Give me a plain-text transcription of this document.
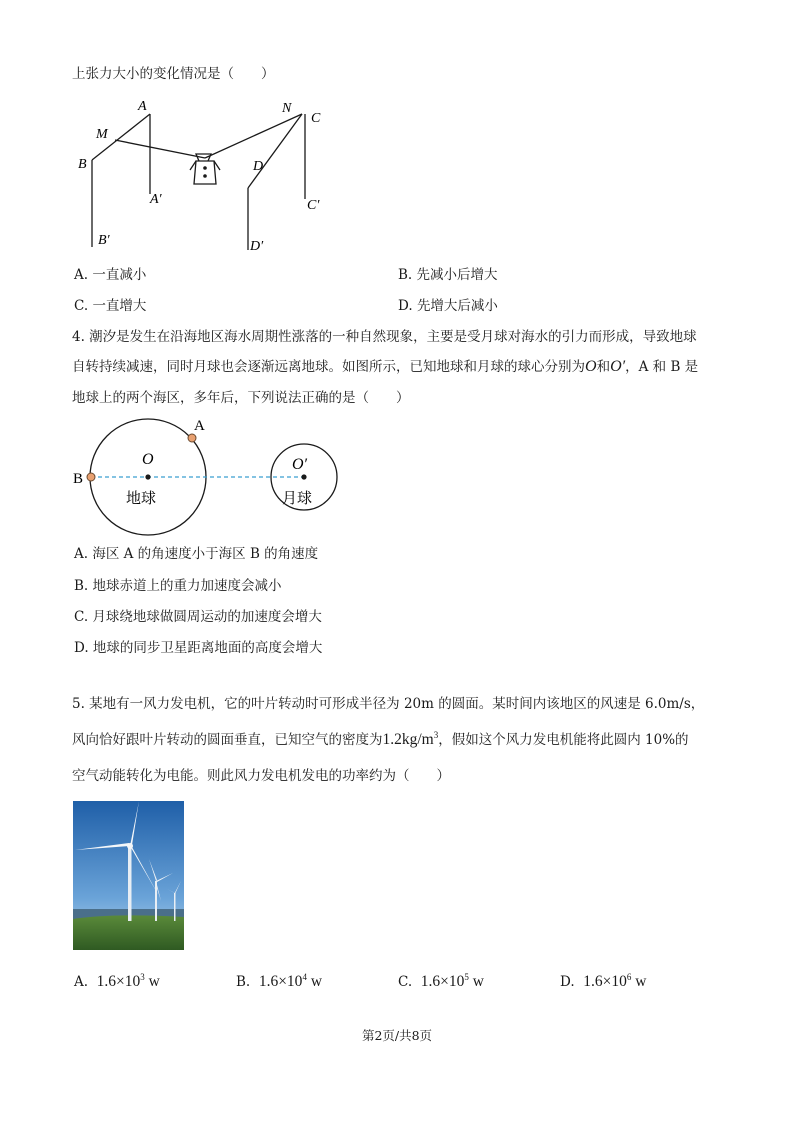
上张力大小的变化情况是（　　）
A
M
B
A′
B′
N
C
D
C′
D′
A. 一直减小	B. 先减小后增大
C. 一直增大	D. 先增大后减小
4. 潮汐是发生在沿海地区海水周期性涨落的一种自然现象，主要是受月球对海水的引力而形成，导致地球
自转持续减速，同时月球也会逐渐远离地球。如图所示，已知地球和月球的球心分别为O和O′，A 和 B 是
地球上的两个海区，多年后，下列说法正确的是（　　）
A
B
O	O′
地球	月球
A. 海区 A 的角速度小于海区 B 的角速度
B. 地球赤道上的重力加速度会减小
C. 月球绕地球做圆周运动的加速度会增大
D. 地球的同步卫星距离地面的高度会增大
5. 某地有一风力发电机，它的叶片转动时可形成半径为 20m 的圆面。某时间内该地区的风速是 6.0m/s，
风向恰好跟叶片转动的圆面垂直，已知空气的密度为$1.2kg/m^3$，假如这个风力发电机能将此圆内 10%的
空气动能转化为电能。则此风力发电机发电的功率约为（　　）
A. $1.6\times 10^3$ w	B. $1.6\times 10^4$ w	C. $1.6\times 10^5$ w	D. $1.6\times 10^6$ w
第2页/共8页
